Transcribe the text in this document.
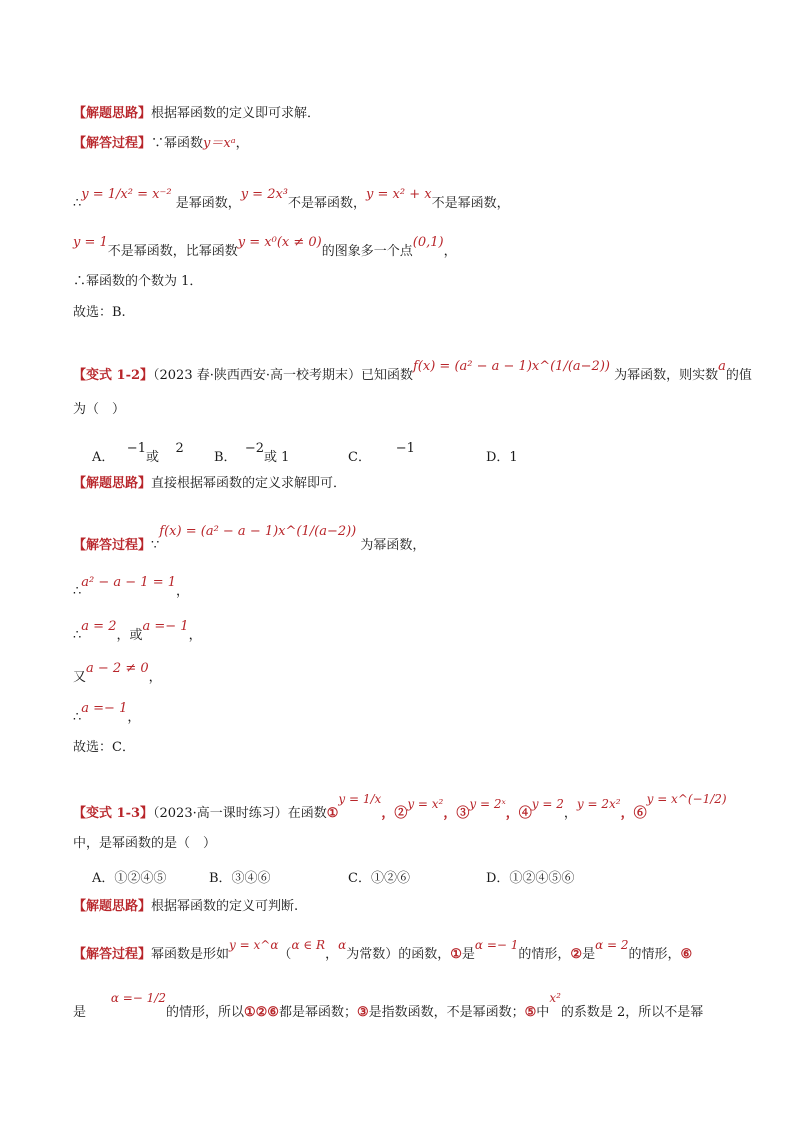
【解题思路】根据幂函数的定义即可求解．
【解答过程】∵幂函数y＝xᵃ，
∴y = 1/x² = x⁻² 是幂函数，y = 2x³不是幂函数，y = x² + x不是幂函数，
y = 1不是幂函数，比幂函数y = x⁰(x ≠ 0)的图象多一个点(0,1)，
∴幂函数的个数为 1．
故选：B.
【变式 1-2】（2023 春·陕西西安·高一校考期末）已知函数f(x) = (a² − a − 1)x^(1/(a−2)) 为幂函数，则实数a的值
为（　）
A．   −1或    2
B．  −2或 1	C．      −1
D．1
【解题思路】直接根据幂函数的定义求解即可．
【解答过程】∵f(x) = (a² − a − 1)x^(1/(a−2)) 为幂函数，
∴a² − a − 1 = 1，
∴a = 2，或a =− 1，
又a − 2 ≠ 0，
∴a =− 1，
故选：C．
【变式 1-3】（2023·高一课时练习）在函数①y = 1/x，②y = x²，③y = 2ˣ，④y = 2，y = 2x²，⑥y = x^(−1/2)
中，是幂函数的是（　）
A．①②④⑤	B．③④⑥	C．①②⑥	D．①②④⑤⑥
【解题思路】根据幂函数的定义可判断.
【解答过程】幂函数是形如y = x^α（α ∈ R，α为常数）的函数，①是α =− 1的情形，②是α = 2的情形，⑥
是      α =− 1/2的情形，所以①②⑥都是幂函数；③是指数函数，不是幂函数；⑤中x²的系数是 2，所以不是幂
